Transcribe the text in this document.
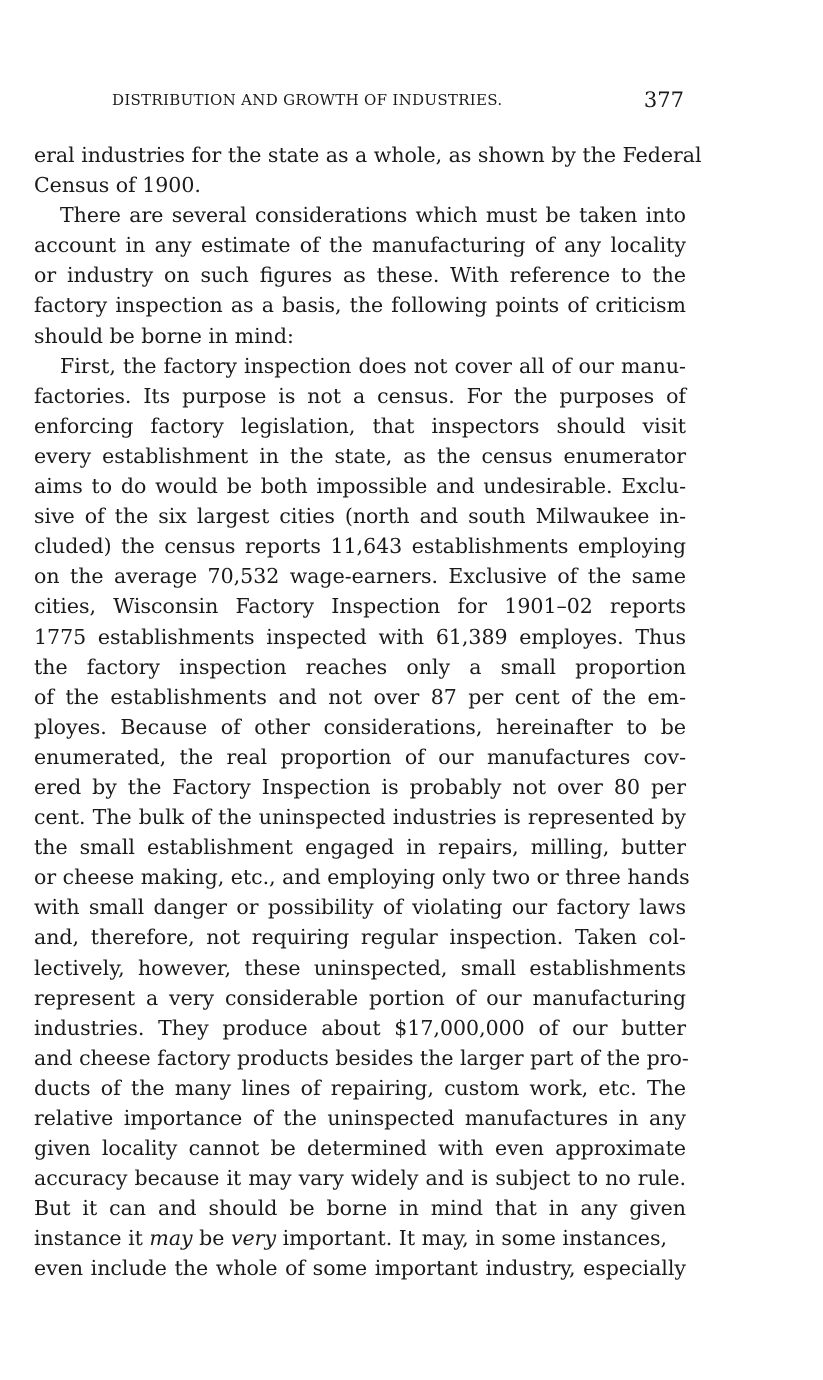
DISTRIBUTION AND GROWTH OF INDUSTRIES.	377
eral industries for the state as a whole, as shown by the Federal
Census of 1900.
There are several considerations which must be taken into
account in any estimate of the manufacturing of any locality
or industry on such figures as these. With reference to the
factory inspection as a basis, the following points of criticism
should be borne in mind:
First, the factory inspection does not cover all of our manu-
factories. Its purpose is not a census. For the purposes of
enforcing factory legislation, that inspectors should visit
every establishment in the state, as the census enumerator
aims to do would be both impossible and undesirable. Exclu-
sive of the six largest cities (north and south Milwaukee in-
cluded) the census reports 11,643 establishments employing
on the average 70,532 wage-earners. Exclusive of the same
cities, Wisconsin Factory Inspection for 1901–02 reports
1775 establishments inspected with 61,389 employes. Thus
the factory inspection reaches only a small proportion
of the establishments and not over 87 per cent of the em-
ployes. Because of other considerations, hereinafter to be
enumerated, the real proportion of our manufactures cov-
ered by the Factory Inspection is probably not over 80 per
cent. The bulk of the uninspected industries is represented by
the small establishment engaged in repairs, milling, butter
or cheese making, etc., and employing only two or three hands
with small danger or possibility of violating our factory laws
and, therefore, not requiring regular inspection. Taken col-
lectively, however, these uninspected, small establishments
represent a very considerable portion of our manufacturing
industries. They produce about $17,000,000 of our butter
and cheese factory products besides the larger part of the pro-
ducts of the many lines of repairing, custom work, etc. The
relative importance of the uninspected manufactures in any
given locality cannot be determined with even approximate
accuracy because it may vary widely and is subject to no rule.
But it can and should be borne in mind that in any given
instance it may be very important. It may, in some instances,
even include the whole of some important industry, especially
